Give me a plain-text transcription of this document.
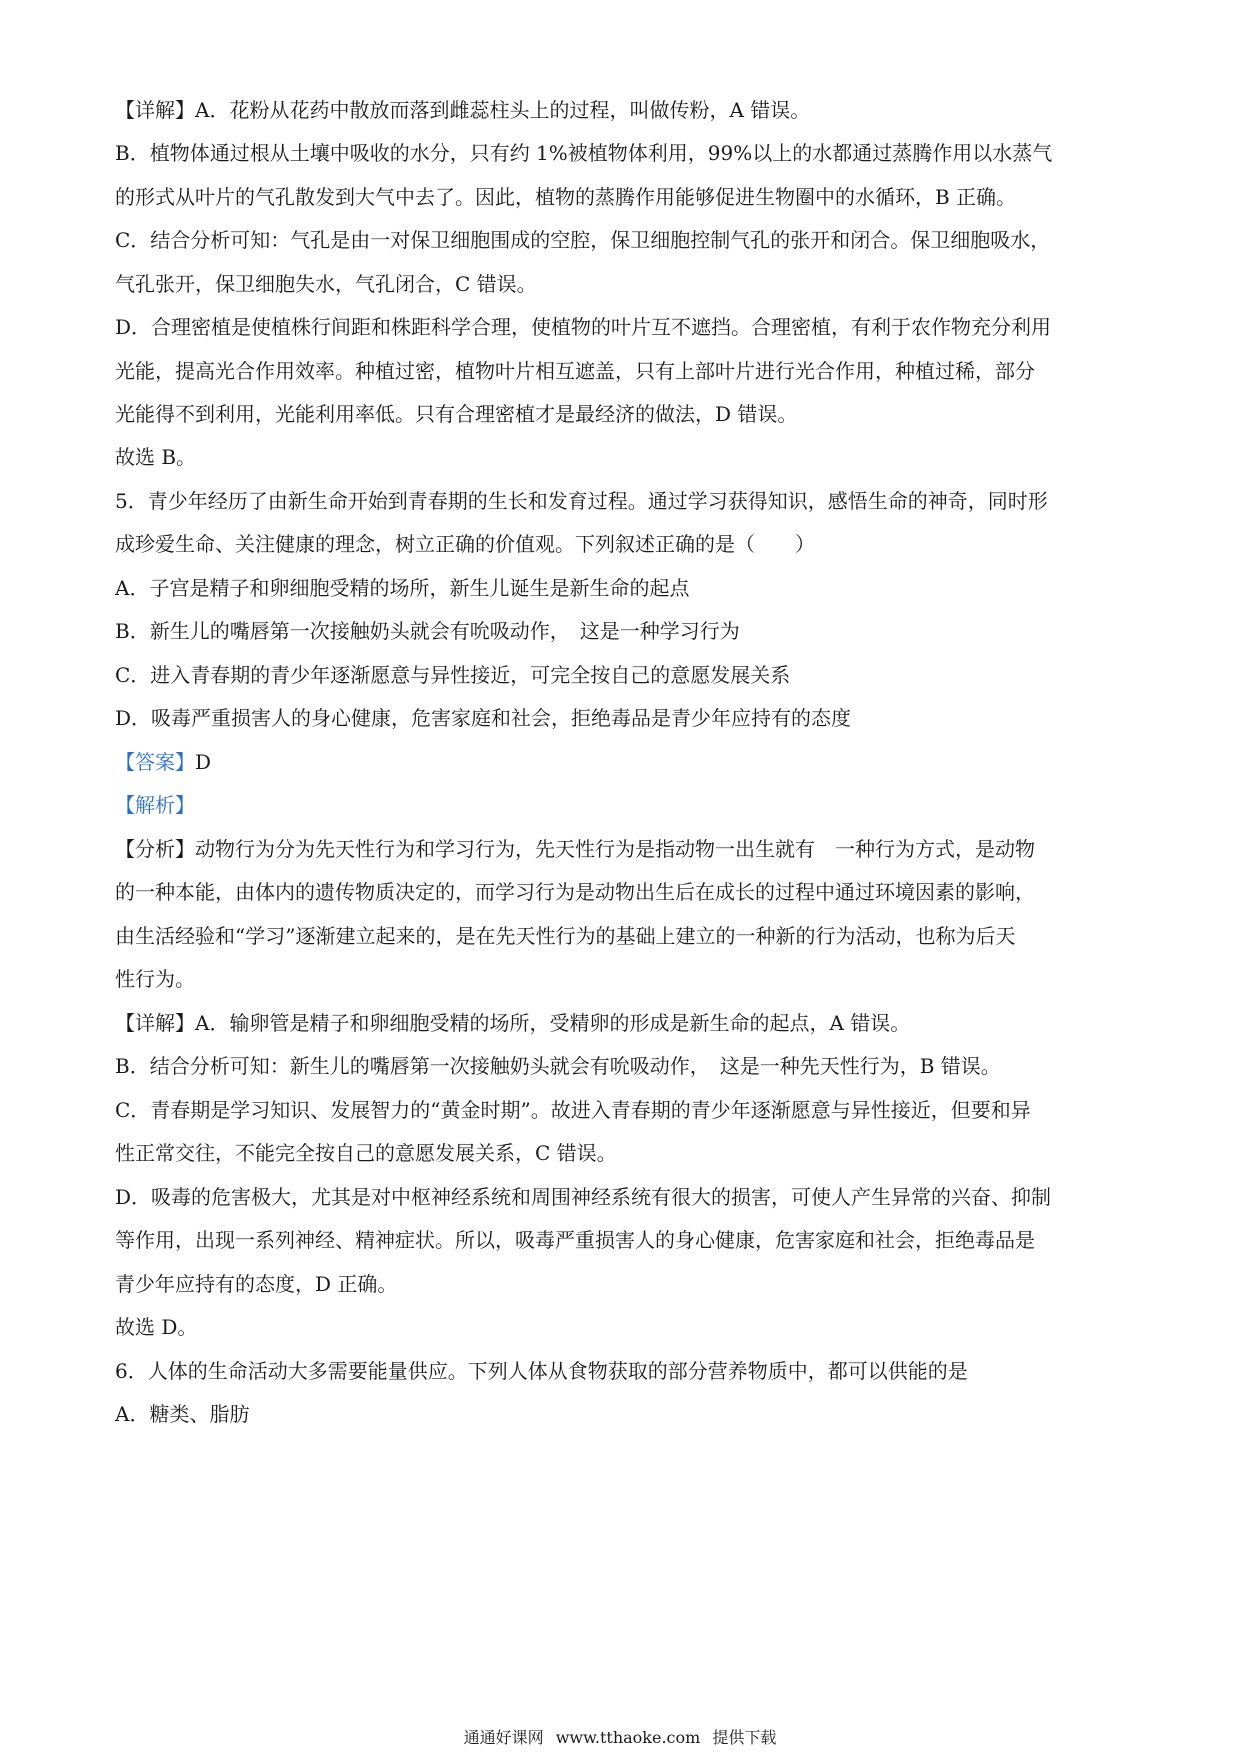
【详解】A．花粉从花药中散放而落到雌蕊柱头上的过程，叫做传粉，A 错误。
B．植物体通过根从土壤中吸收的水分，只有约 1%被植物体利用，99%以上的水都通过蒸腾作用以水蒸气
的形式从叶片的气孔散发到大气中去了。因此，植物的蒸腾作用能够促进生物圈中的水循环，B 正确。
C．结合分析可知：气孔是由一对保卫细胞围成的空腔，保卫细胞控制气孔的张开和闭合。保卫细胞吸水，
气孔张开，保卫细胞失水，气孔闭合，C 错误。
D．合理密植是使植株行间距和株距科学合理，使植物的叶片互不遮挡。合理密植，有利于农作物充分利用
光能，提高光合作用效率。种植过密，植物叶片相互遮盖，只有上部叶片进行光合作用，种植过稀，部分
光能得不到利用，光能利用率低。只有合理密植才是最经济的做法，D 错误。
故选 B。
5．青少年经历了由新生命开始到青春期的生长和发育过程。通过学习获得知识，感悟生命的神奇，同时形
成珍爱生命、关注健康的理念，树立正确的价值观。下列叙述正确的是（　　）
A．子宫是精子和卵细胞受精的场所，新生儿诞生是新生命的起点
B．新生儿的嘴唇第一次接触奶头就会有吮吸动作，　这是一种学习行为
C．进入青春期的青少年逐渐愿意与异性接近，可完全按自己的意愿发展关系
D．吸毒严重损害人的身心健康，危害家庭和社会，拒绝毒品是青少年应持有的态度
【答案】D
【解析】
【分析】动物行为分为先天性行为和学习行为，先天性行为是指动物一出生就有　一种行为方式，是动物
的一种本能，由体内的遗传物质决定的，而学习行为是动物出生后在成长的过程中通过环境因素的影响，
由生活经验和“学习”逐渐建立起来的，是在先天性行为的基础上建立的一种新的行为活动，也称为后天
性行为。
【详解】A．输卵管是精子和卵细胞受精的场所，受精卵的形成是新生命的起点，A 错误。
B．结合分析可知：新生儿的嘴唇第一次接触奶头就会有吮吸动作，　这是一种先天性行为，B 错误。
C．青春期是学习知识、发展智力的“黄金时期”。故进入青春期的青少年逐渐愿意与异性接近，但要和异
性正常交往，不能完全按自己的意愿发展关系，C 错误。
D．吸毒的危害极大，尤其是对中枢神经系统和周围神经系统有很大的损害，可使人产生异常的兴奋、抑制
等作用，出现一系列神经、精神症状。所以，吸毒严重损害人的身心健康，危害家庭和社会，拒绝毒品是
青少年应持有的态度，D 正确。
故选 D。
6．人体的生命活动大多需要能量供应。下列人体从食物获取的部分营养物质中，都可以供能的是
A．糖类、脂肪
通通好课网 www.tthaoke.com 提供下载
